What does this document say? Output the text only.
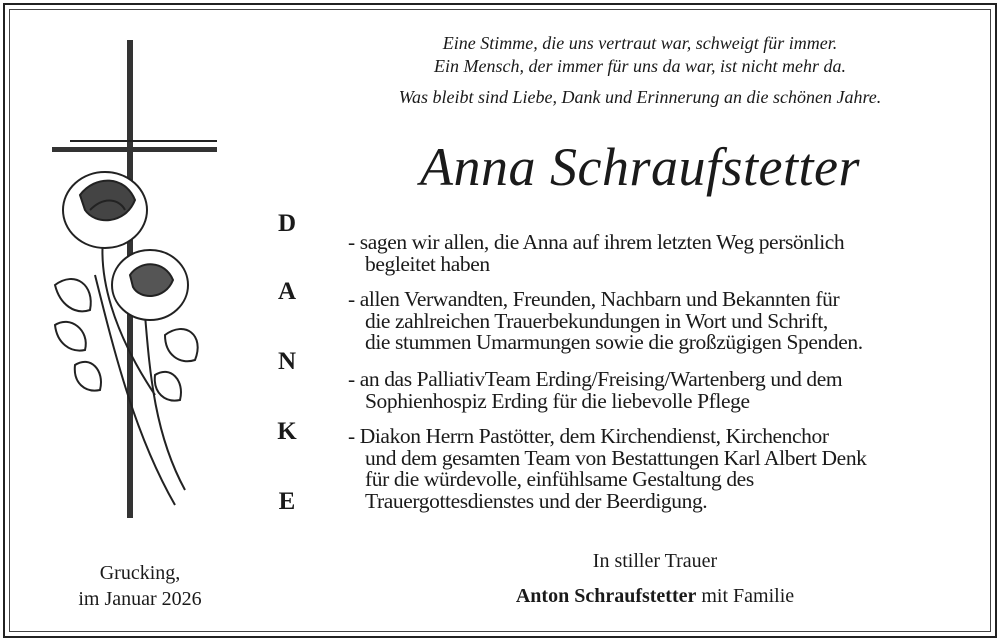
Eine Stimme, die uns vertraut war, schweigt für immer.
Ein Mensch, der immer für uns da war, ist nicht mehr da.
Was bleibt sind Liebe, Dank und Erinnerung an die schönen Jahre.
Anna Schraufstetter
D
A
N
K
E
- sagen wir allen, die Anna auf ihrem letzten Weg persönlich
begleitet haben
- allen Verwandten, Freunden, Nachbarn und Bekannten für
die zahlreichen Trauerbekundungen in Wort und Schrift,
die stummen Umarmungen sowie die großzügigen Spenden.
- an das PalliativTeam Erding/Freising/Wartenberg und dem
Sophienhospiz Erding für die liebevolle Pflege
- Diakon Herrn Pastötter, dem Kirchendienst, Kirchenchor
und dem gesamten Team von Bestattungen Karl Albert Denk
für die würdevolle, einfühlsame Gestaltung des
Trauergottesdienstes und der Beerdigung.
Grucking,
im Januar 2026
In stiller Trauer
Anton Schraufstetter mit Familie
